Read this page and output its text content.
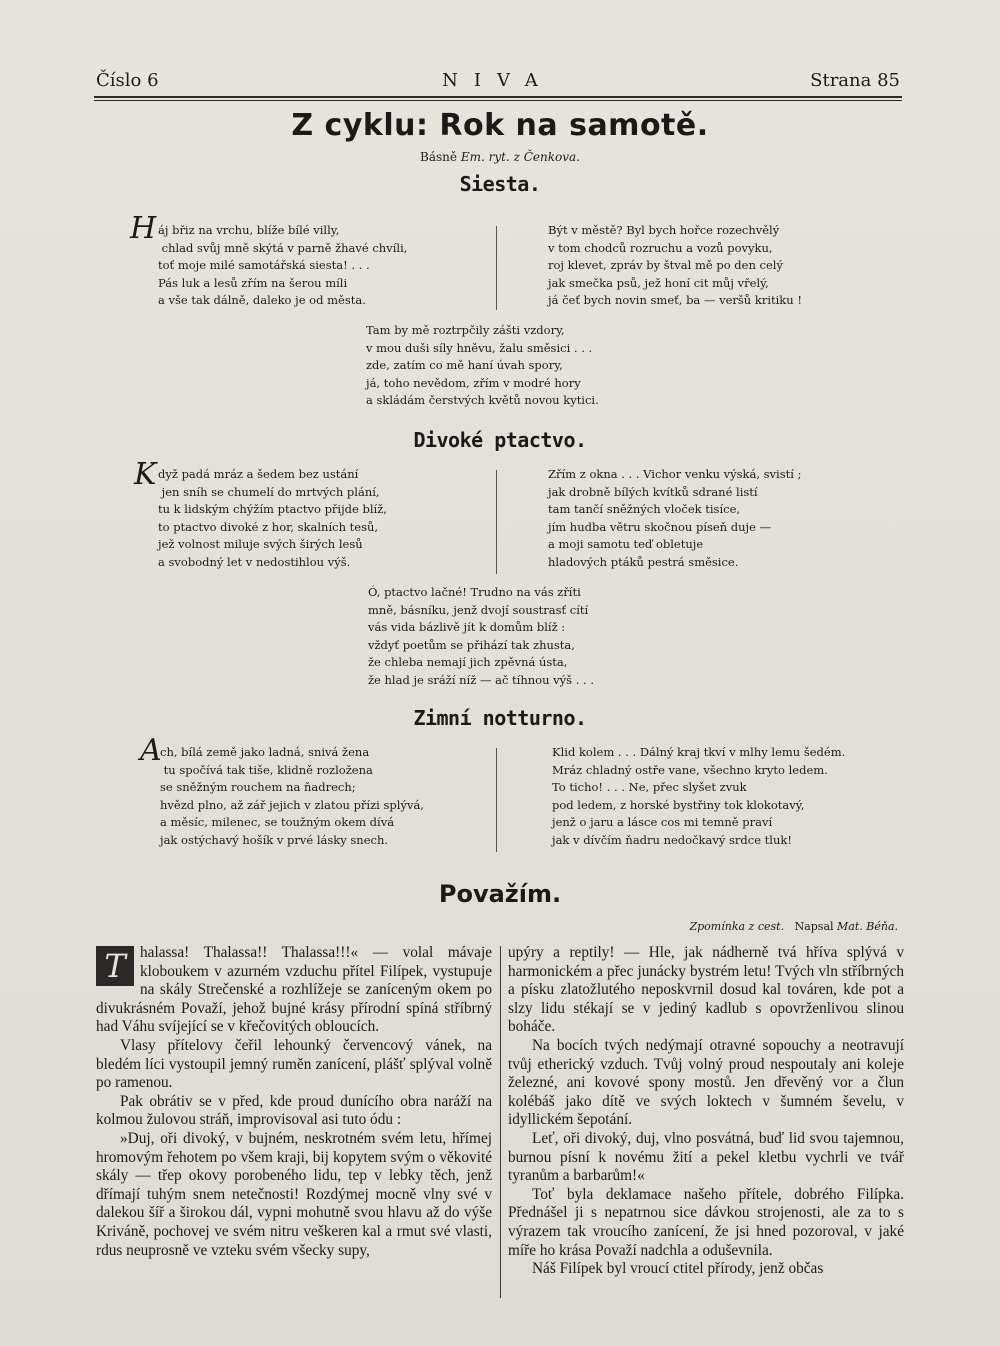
Číslo 6	NIVA	Strana 85
Z cyklu: Rok na samotě.
Básně Em. ryt. z Čenkova.
Siesta.
H áj břiz na vrchu, blíže bílé villy,
chlad svůj mně skýtá v parně žhavé chvíli,
toť moje milé samotářská siesta! . . .
Pás luk a lesů zřím na šerou míli
a vše tak dálně, daleko je od města.
Být v městě? Byl bych hořce rozechvělý
v tom chodců rozruchu a vozů povyku,
roj klevet, zpráv by štval mě po den celý
jak smečka psů, jež honí cit můj vřelý,
já čeť bych novin smeť, ba — veršů kritiku !
Tam by mě roztrpčily zášti vzdory,
v mou duši síly hněvu, žalu směsici . . .
zde, zatím co mě haní úvah spory,
já, toho nevědom, zřím v modré hory
a skládám čerstvých květů novou kytici.
Divoké ptactvo.
K dyž padá mráz a šedem bez ustání
jen sníh se chumelí do mrtvých plání,
tu k lidským chýžím ptactvo přijde blíž,
to ptactvo divoké z hor, skalních tesů,
jež volnost miluje svých širých lesů
a svobodný let v nedostihlou výš.
Zřím z okna . . . Vichor venku výská, svistí ;
jak drobně bílých kvítků sdrané listí
tam tančí sněžných vloček tisíce,
jím hudba větru skočnou píseň duje —
a moji samotu teď obletuje
hladových ptáků pestrá směsice.
Ó, ptactvo lačné! Trudno na vás zříti
mně, básníku, jenž dvojí soustrasť cítí
vás vida bázlivě jít k domům blíž :
vždyť poetům se přihází tak zhusta,
že chleba nemají jich zpěvná ústa,
že hlad je sráží níž — ač tíhnou výš . . .
Zimní notturno.
A
ch, bílá země jako ladná, snivá žena
tu spočívá tak tiše, klidně rozložena
se sněžným rouchem na ňadrech;
hvězd plno, až zář jejich v zlatou přízi splývá,
a měsíc, milenec, se toužným okem dívá
jak ostýchavý hošík v prvé lásky snech.
Klid kolem . . . Dálný kraj tkví v mlhy lemu šedém.
Mráz chladný ostře vane, všechno kryto ledem.
To ticho! . . . Ne, přec slyšet zvuk
pod ledem, z horské bystřiny tok klokotavý,
jenž o jaru a lásce cos mi temně praví
jak v dívčím ňadru nedočkavý srdce tluk!
Považím.
Zpomínka z cest. Napsal Mat. Béňa.

T halassa! Thalassa!! Thalassa!!!« — volal mávaje kloboukem v azurném vzduchu přítel Filípek, vystupuje na skály Strečenské a rozhlížeje se zaníceným okem po divukrásném Považí, jehož bujné krásy přírodní spíná stříbrný had Váhu svíjející se v křečovitých obloucích.

Vlasy přítelovy čeřil lehounký červencový vánek, na bledém líci vystoupil jemný ruměn zanícení, plášť splýval volně po ramenou.

Pak obrátiv se v před, kde proud dunícího obra naráží na kolmou žulovou stráň, improvisoval asi tuto ódu :

»Duj, oři divoký, v bujném, neskrotném svém letu, hřímej hromovým řehotem po všem kraji, bij kopytem svým o věkovité skály — třep okovy porobeného lidu, tep v lebky těch, jenž dřímají tuhým snem netečnosti! Rozdýmej mocně vlny své v dalekou šíř a širokou dál, vypni mohutně svou hlavu až do výše Kriváně, pochovej ve svém nitru veškeren kal a rmut své vlasti, rdus neuprosně ve vzteku svém všecky supy,

upýry a reptily! — Hle, jak nádherně tvá hříva splývá v harmonickém a přec junácky bystrém letu! Tvých vln stříbrných a písku zlatožlutého neposkvrnil dosud kal továren, kde pot a slzy lidu stékají se v jediný kadlub s opovrženlivou slinou boháče.

Na bocích tvých nedýmají otravné sopouchy a neotravují tvůj etherický vzduch. Tvůj volný proud nespoutaly ani koleje železné, ani kovové spony mostů. Jen dřevěný vor a člun kolébáš jako dítě ve svých loktech v šumném ševelu, v idyllickém šepotání.

Leť, oři divoký, duj, vlno posvátná, buď lid svou tajemnou, burnou písní k novému žití a pekel kletbu vychrli ve tvář tyranům a barbarům!«

Toť byla deklamace našeho přítele, dobrého Filípka. Přednášel ji s nepatrnou sice dávkou strojenosti, ale za to s výrazem tak vroucího zanícení, že jsi hned pozoroval, v jaké míře ho krása Považí nadchla a oduševnila.

Náš Filípek byl vroucí ctitel přírody, jenž občas
